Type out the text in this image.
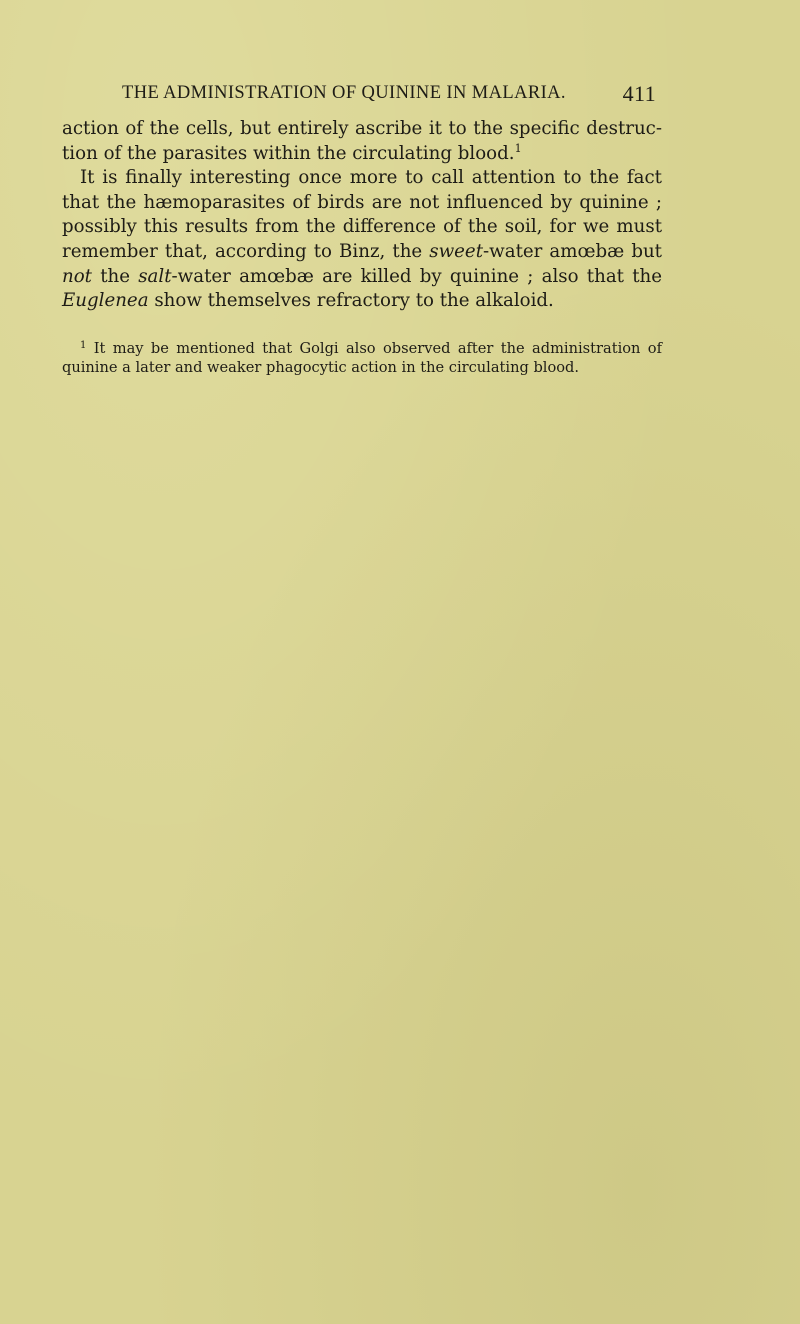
THE ADMINISTRATION OF QUININE IN MALARIA.	411
action of the cells, but entirely ascribe it to the specific destruc-
tion of the parasites within the circulating blood.$^1$
It is finally interesting once more to call attention to the fact
that the hæmoparasites of birds are not influenced by quinine ;
possibly this results from the difference of the soil, for we must
remember that, according to Binz, the sweet-water amœbæ but
not the salt-water amœbæ are killed by quinine ; also that the
Euglenea show themselves refractory to the alkaloid.
$^1$ It may be mentioned that Golgi also observed after the administration of
quinine a later and weaker phagocytic action in the circulating blood.
